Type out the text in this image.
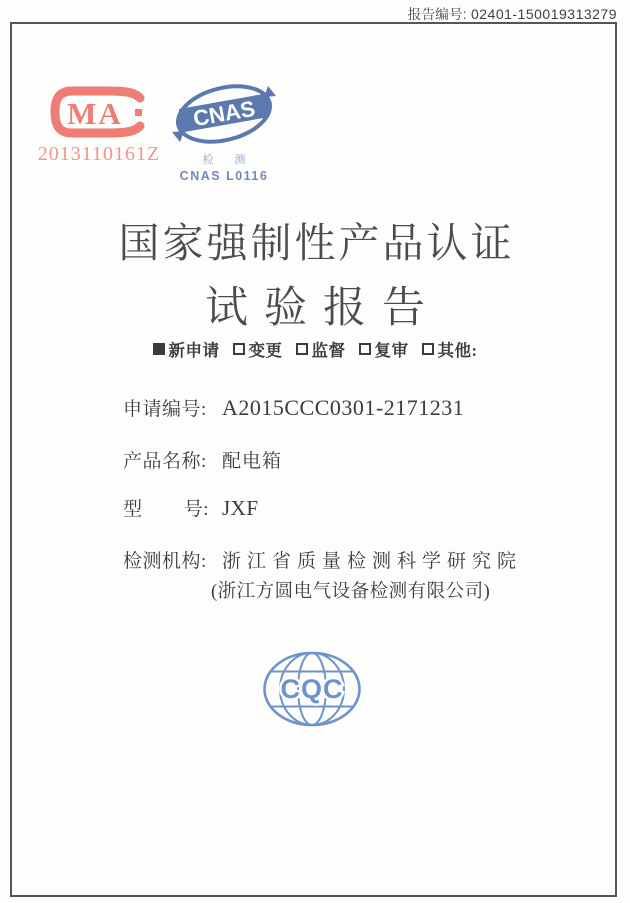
报告编号: 02401-150019313279
MA
2013110161Z
CNAS
检 测
CNAS L0116
国家强制性产品认证
试验报告
新申请 变更 监督 复审 其他:
申请编号: A2015CCC0301-2171231
产品名称: 配电箱
型 号: JXF
检测机构: 浙江省质量检测科学研究院
(浙江方圆电气设备检测有限公司)
CQC
